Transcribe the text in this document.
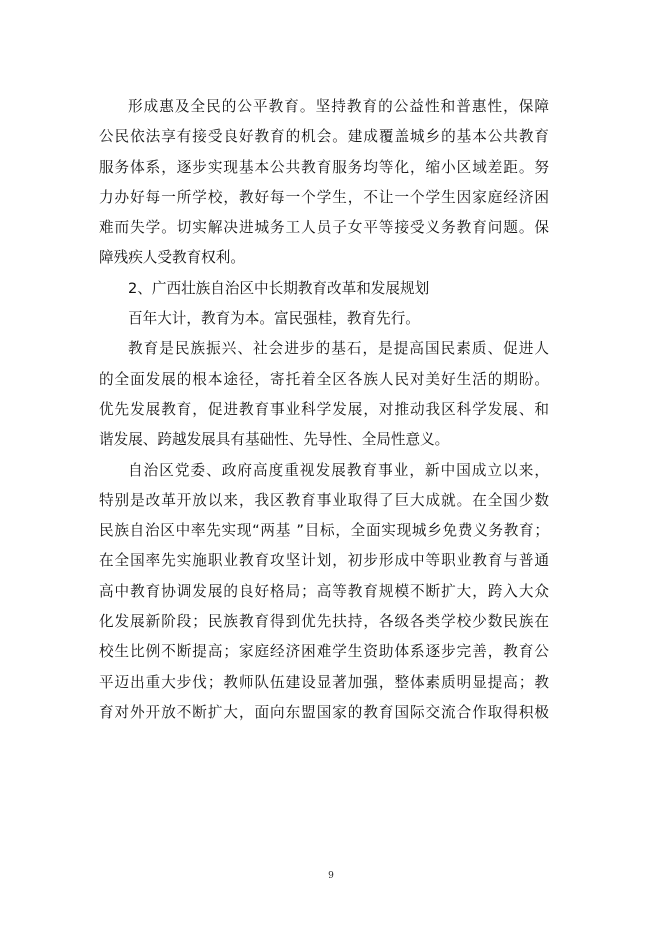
形成惠及全民的公平教育。坚持教育的公益性和普惠性，保障
公民依法享有接受良好教育的机会。建成覆盖城乡的基本公共教育
服务体系，逐步实现基本公共教育服务均等化，缩小区域差距。努
力办好每一所学校，教好每一个学生，不让一个学生因家庭经济困
难而失学。切实解决进城务工人员子女平等接受义务教育问题。保
障残疾人受教育权利。
2、广西壮族自治区中长期教育改革和发展规划
百年大计，教育为本。富民强桂，教育先行。
教育是民族振兴、社会进步的基石，是提高国民素质、促进人
的全面发展的根本途径，寄托着全区各族人民对美好生活的期盼。
优先发展教育，促进教育事业科学发展，对推动我区科学发展、和
谐发展、跨越发展具有基础性、先导性、全局性意义。
自治区党委、政府高度重视发展教育事业，新中国成立以来，
特别是改革开放以来，我区教育事业取得了巨大成就。在全国少数
民族自治区中率先实现“两基 ”目标，全面实现城乡免费义务教育；
在全国率先实施职业教育攻坚计划，初步形成中等职业教育与普通
高中教育协调发展的良好格局；高等教育规模不断扩大，跨入大众
化发展新阶段；民族教育得到优先扶持，各级各类学校少数民族在
校生比例不断提高；家庭经济困难学生资助体系逐步完善，教育公
平迈出重大步伐；教师队伍建设显著加强，整体素质明显提高；教
育对外开放不断扩大，面向东盟国家的教育国际交流合作取得积极
9
